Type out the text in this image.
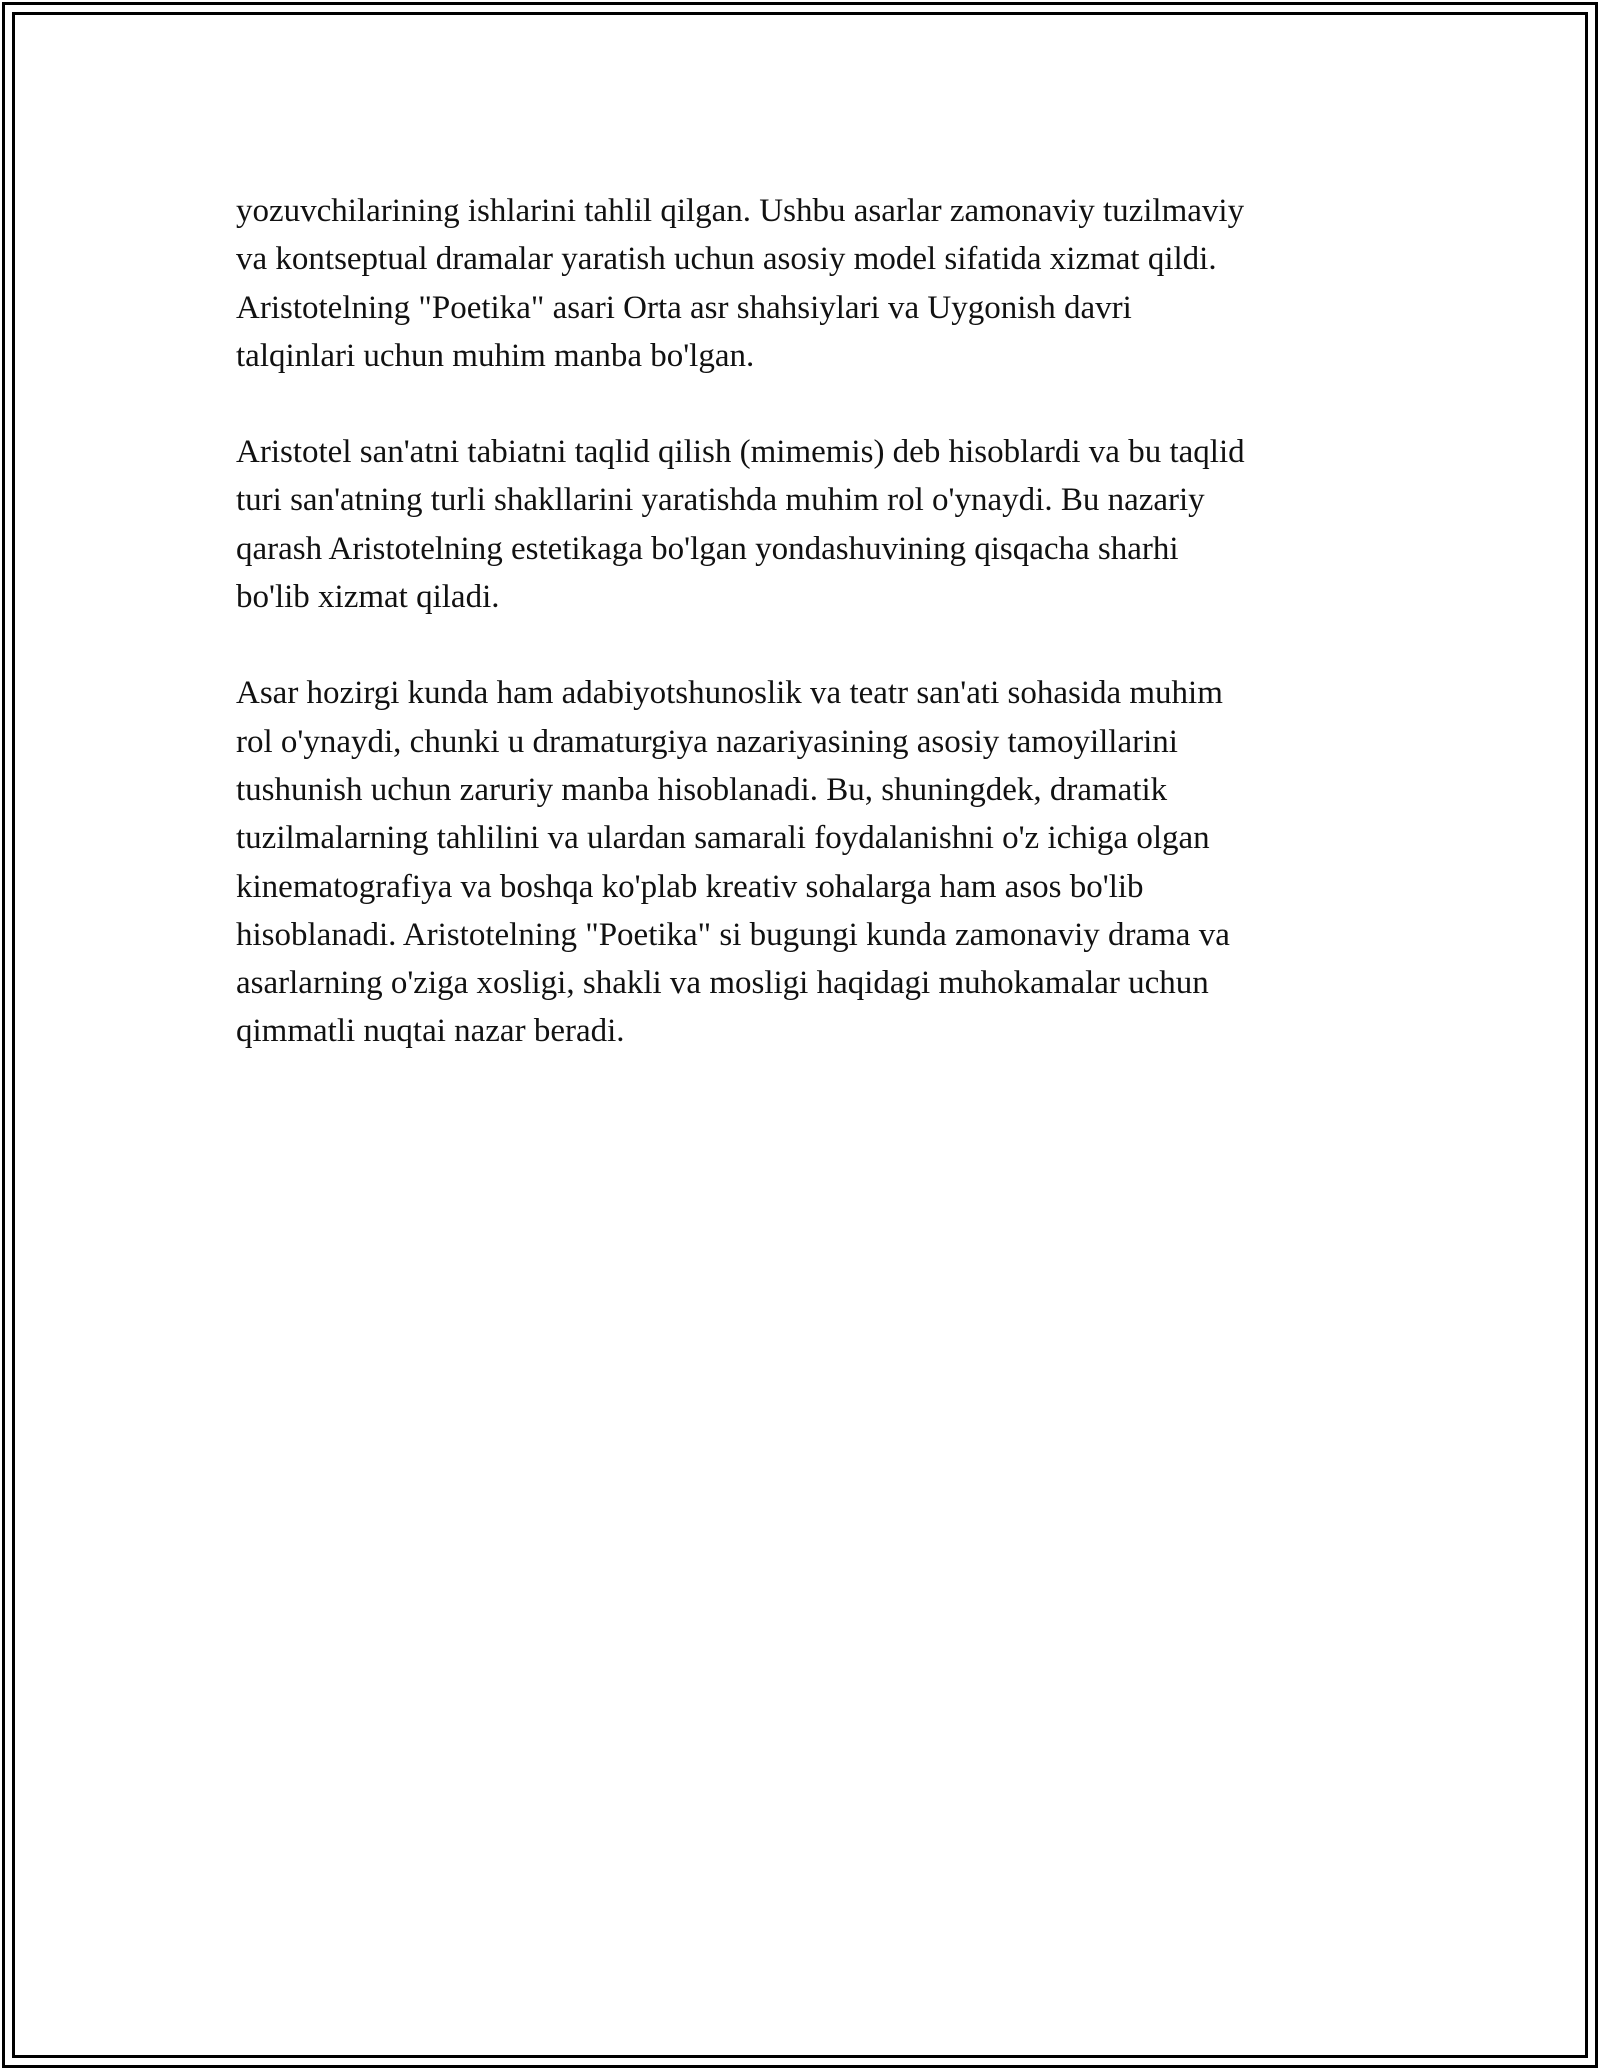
yozuvchilarining ishlarini tahlil qilgan. Ushbu asarlar zamonaviy tuzilmaviy
va kontseptual dramalar yaratish uchun asosiy model sifatida xizmat qildi.
Aristotelning "Poetika" asari Orta asr shahsiylari va Uygonish davri
talqinlari uchun muhim manba bo'lgan.

Aristotel san'atni tabiatni taqlid qilish (mimemis) deb hisoblardi va bu taqlid
turi san'atning turli shakllarini yaratishda muhim rol o'ynaydi. Bu nazariy
qarash Aristotelning estetikaga bo'lgan yondashuvining qisqacha sharhi
bo'lib xizmat qiladi.

Asar hozirgi kunda ham adabiyotshunoslik va teatr san'ati sohasida muhim
rol o'ynaydi, chunki u dramaturgiya nazariyasining asosiy tamoyillarini
tushunish uchun zaruriy manba hisoblanadi. Bu, shuningdek, dramatik
tuzilmalarning tahlilini va ulardan samarali foydalanishni o'z ichiga olgan
kinematografiya va boshqa ko'plab kreativ sohalarga ham asos bo'lib
hisoblanadi. Aristotelning "Poetika" si bugungi kunda zamonaviy drama va
asarlarning o'ziga xosligi, shakli va mosligi haqidagi muhokamalar uchun
qimmatli nuqtai nazar beradi.
